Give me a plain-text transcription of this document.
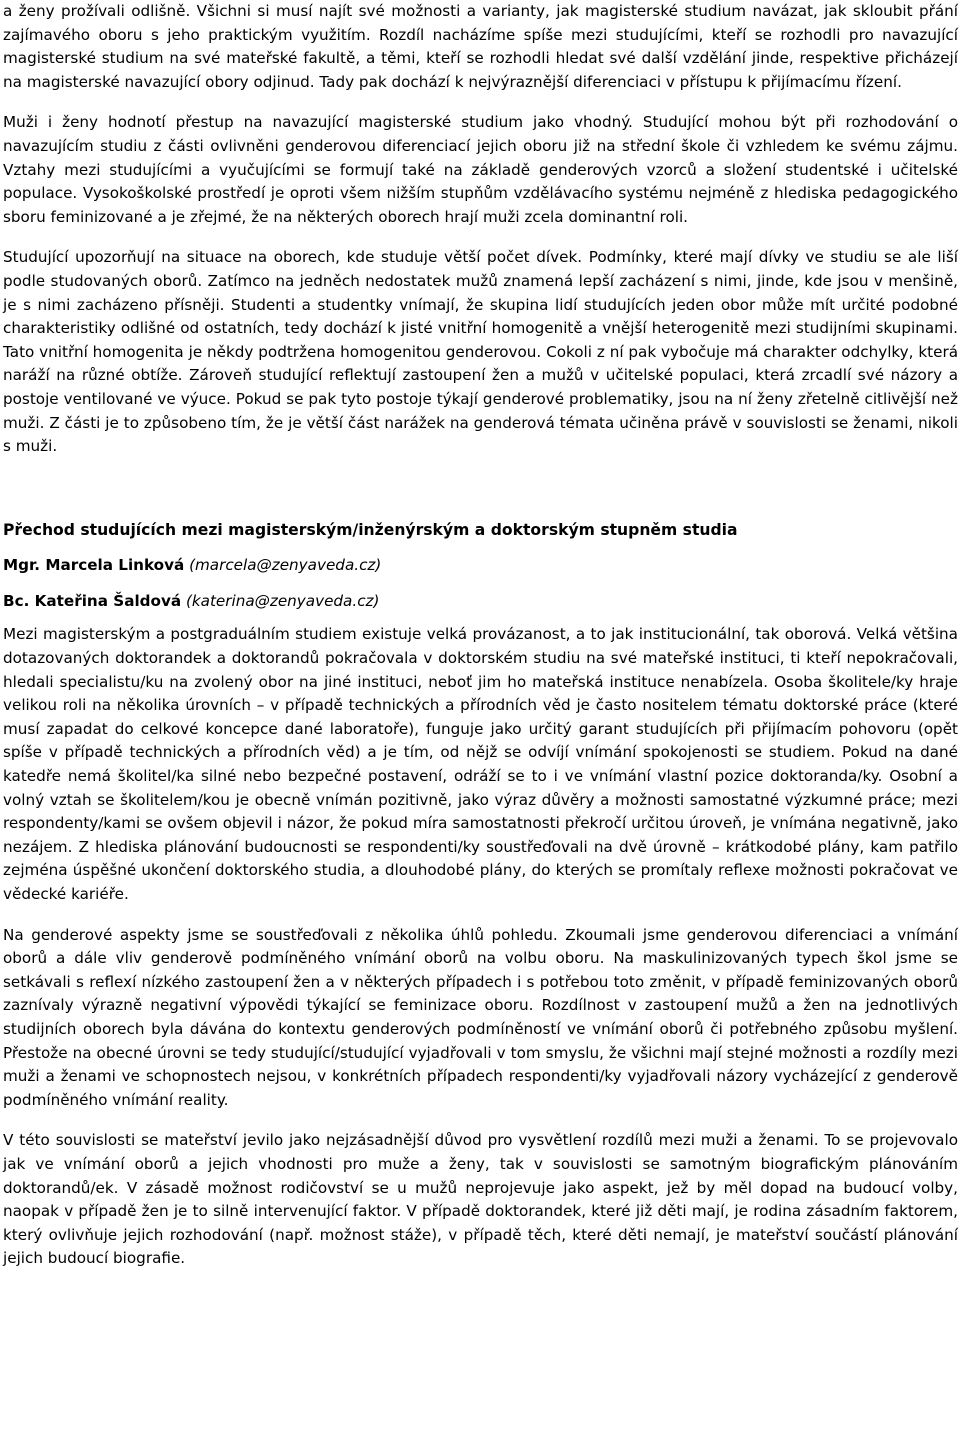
a ženy prožívali odlišně. Všichni si musí najít své možnosti a varianty, jak magisterské studium navázat, jak skloubit přání zajímavého oboru s jeho praktickým využitím. Rozdíl nacházíme spíše mezi studujícími, kteří se rozhodli pro navazující magisterské studium na své mateřské fakultě, a těmi, kteří se rozhodli hledat své další vzdělání jinde, respektive přicházejí na magisterské navazující obory odjinud. Tady pak dochází k nejvýraznější diferenciaci v přístupu k přijímacímu řízení.

Muži i ženy hodnotí přestup na navazující magisterské studium jako vhodný. Studující mohou být při rozhodování o navazujícím studiu z části ovlivněni genderovou diferenciací jejich oboru již na střední škole či vzhledem ke svému zájmu. Vztahy mezi studujícími a vyučujícími se formují také na základě genderových vzorců a složení studentské i učitelské populace. Vysokoškolské prostředí je oproti všem nižším stupňům vzdělávacího systému nejméně z hlediska pedagogického sboru feminizované a je zřejmé, že na některých oborech hrají muži zcela dominantní roli.

Studující upozorňují na situace na oborech, kde studuje větší počet dívek. Podmínky, které mají dívky ve studiu se ale liší podle studovaných oborů. Zatímco na jedněch nedostatek mužů znamená lepší zacházení s nimi, jinde, kde jsou v menšině, je s nimi zacházeno přísněji. Studenti a studentky vnímají, že skupina lidí studujících jeden obor může mít určité podobné charakteristiky odlišné od ostatních, tedy dochází k jisté vnitřní homogenitě a vnější heterogenitě mezi studijními skupinami. Tato vnitřní homogenita je někdy podtržena homogenitou genderovou. Cokoli z ní pak vybočuje má charakter odchylky, která naráží na různé obtíže. Zároveň studující reflektují zastoupení žen a mužů v učitelské populaci, která zrcadlí své názory a postoje ventilované ve výuce. Pokud se pak tyto postoje týkají genderové problematiky, jsou na ní ženy zřetelně citlivější než muži. Z části je to způsobeno tím, že je větší část narážek na genderová témata učiněna právě v souvislosti se ženami, nikoli s muži.

Přechod studujících mezi magisterským/inženýrským a doktorským stupněm studia

Mgr. Marcela Linková (marcela@zenyaveda.cz)

Bc. Kateřina Šaldová (katerina@zenyaveda.cz)

Mezi magisterským a postgraduálním studiem existuje velká provázanost, a to jak institucionální, tak oborová. Velká většina dotazovaných doktorandek a doktorandů pokračovala v doktorském studiu na své mateřské instituci, ti kteří nepokračovali, hledali specialistu/ku na zvolený obor na jiné instituci, neboť jim ho mateřská instituce nenabízela. Osoba školitele/ky hraje velikou roli na několika úrovních – v případě technických a přírodních věd je často nositelem tématu doktorské práce (které musí zapadat do celkové koncepce dané laboratoře), funguje jako určitý garant studujících při přijímacím pohovoru (opět spíše v případě technických a přírodních věd) a je tím, od nějž se odvíjí vnímání spokojenosti se studiem. Pokud na dané katedře nemá školitel/ka silné nebo bezpečné postavení, odráží se to i ve vnímání vlastní pozice doktoranda/ky. Osobní a volný vztah se školitelem/kou je obecně vnímán pozitivně, jako výraz důvěry a možnosti samostatné výzkumné práce; mezi respondenty/kami se ovšem objevil i názor, že pokud míra samostatnosti překročí určitou úroveň, je vnímána negativně, jako nezájem. Z hlediska plánování budoucnosti se respondenti/ky soustřeďovali na dvě úrovně – krátkodobé plány, kam patřilo zejména úspěšné ukončení doktorského studia, a dlouhodobé plány, do kterých se promítaly reflexe možnosti pokračovat ve vědecké kariéře.

Na genderové aspekty jsme se soustřeďovali z několika úhlů pohledu. Zkoumali jsme genderovou diferenciaci a vnímání oborů a dále vliv genderově podmíněného vnímání oborů na volbu oboru. Na maskulinizovaných typech škol jsme se setkávali s reflexí nízkého zastoupení žen a v některých případech i s potřebou toto změnit, v případě feminizovaných oborů zaznívaly výrazně negativní výpovědi týkající se feminizace oboru. Rozdílnost v zastoupení mužů a žen na jednotlivých studijních oborech byla dávána do kontextu genderových podmíněností ve vnímání oborů či potřebného způsobu myšlení. Přestože na obecné úrovni se tedy studující/studující vyjadřovali v tom smyslu, že všichni mají stejné možnosti a rozdíly mezi muži a ženami ve schopnostech nejsou, v konkrétních případech respondenti/ky vyjadřovali názory vycházející z genderově podmíněného vnímání reality.

V této souvislosti se mateřství jevilo jako nejzásadnější důvod pro vysvětlení rozdílů mezi muži a ženami. To se projevovalo jak ve vnímání oborů a jejich vhodnosti pro muže a ženy, tak v souvislosti se samotným biografickým plánováním doktorandů/ek. V zásadě možnost rodičovství se u mužů neprojevuje jako aspekt, jež by měl dopad na budoucí volby, naopak v případě žen je to silně intervenující faktor. V případě doktorandek, které již děti mají, je rodina zásadním faktorem, který ovlivňuje jejich rozhodování (např. možnost stáže), v případě těch, které děti nemají, je mateřství součástí plánování jejich budoucí biografie.
